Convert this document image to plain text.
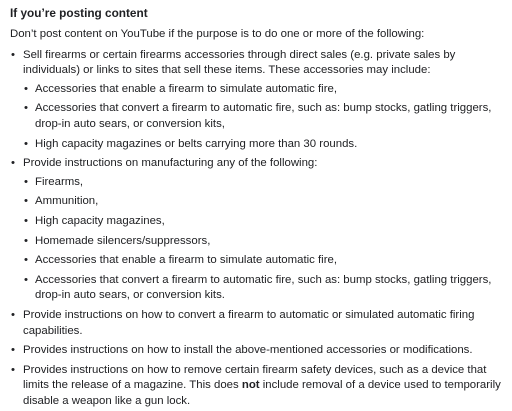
If you’re posting content
Don’t post content on YouTube if the purpose is to do one or more of the following:
• Sell firearms or certain firearms accessories through direct sales (e.g. private sales by individuals) or links to sites that sell these items. These accessories may include:
• Accessories that enable a firearm to simulate automatic fire,
• Accessories that convert a firearm to automatic fire, such as: bump stocks, gatling triggers, drop-in auto sears, or conversion kits,
• High capacity magazines or belts carrying more than 30 rounds.
• Provide instructions on manufacturing any of the following:
• Firearms,
• Ammunition,
• High capacity magazines,
• Homemade silencers/suppressors,
• Accessories that enable a firearm to simulate automatic fire,
• Accessories that convert a firearm to automatic fire, such as: bump stocks, gatling triggers, drop-in auto sears, or conversion kits.
• Provide instructions on how to convert a firearm to automatic or simulated automatic firing capabilities.
• Provides instructions on how to install the above-mentioned accessories or modifications.
• Provides instructions on how to remove certain firearm safety devices, such as a device that limits the release of a magazine. This does not include removal of a device used to temporarily disable a weapon like a gun lock.
